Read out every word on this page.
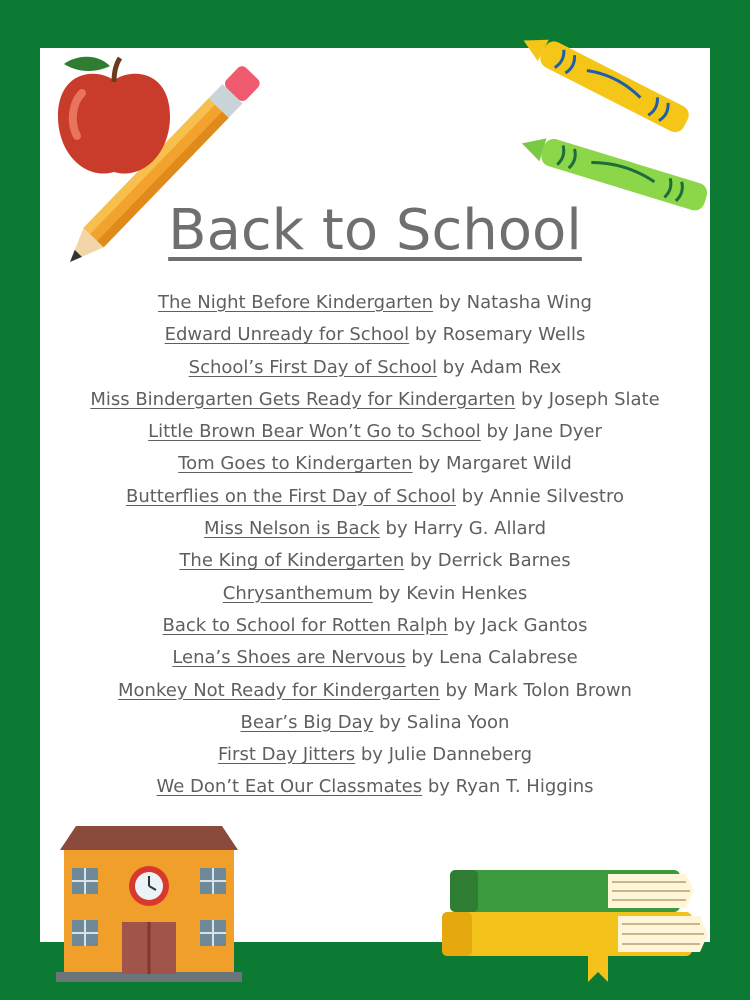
Back to School
The Night Before Kindergarten by Natasha Wing
Edward Unready for School by Rosemary Wells
School’s First Day of School by Adam Rex
Miss Bindergarten Gets Ready for Kindergarten by Joseph Slate
Little Brown Bear Won’t Go to School by Jane Dyer
Tom Goes to Kindergarten by Margaret Wild
Butterflies on the First Day of School by Annie Silvestro
Miss Nelson is Back by Harry G. Allard
The King of Kindergarten by Derrick Barnes
Chrysanthemum by Kevin Henkes
Back to School for Rotten Ralph by Jack Gantos
Lena’s Shoes are Nervous by Lena Calabrese
Monkey Not Ready for Kindergarten by Mark Tolon Brown
Bear’s Big Day by Salina Yoon
First Day Jitters by Julie Danneberg
We Don’t Eat Our Classmates by Ryan T. Higgins
